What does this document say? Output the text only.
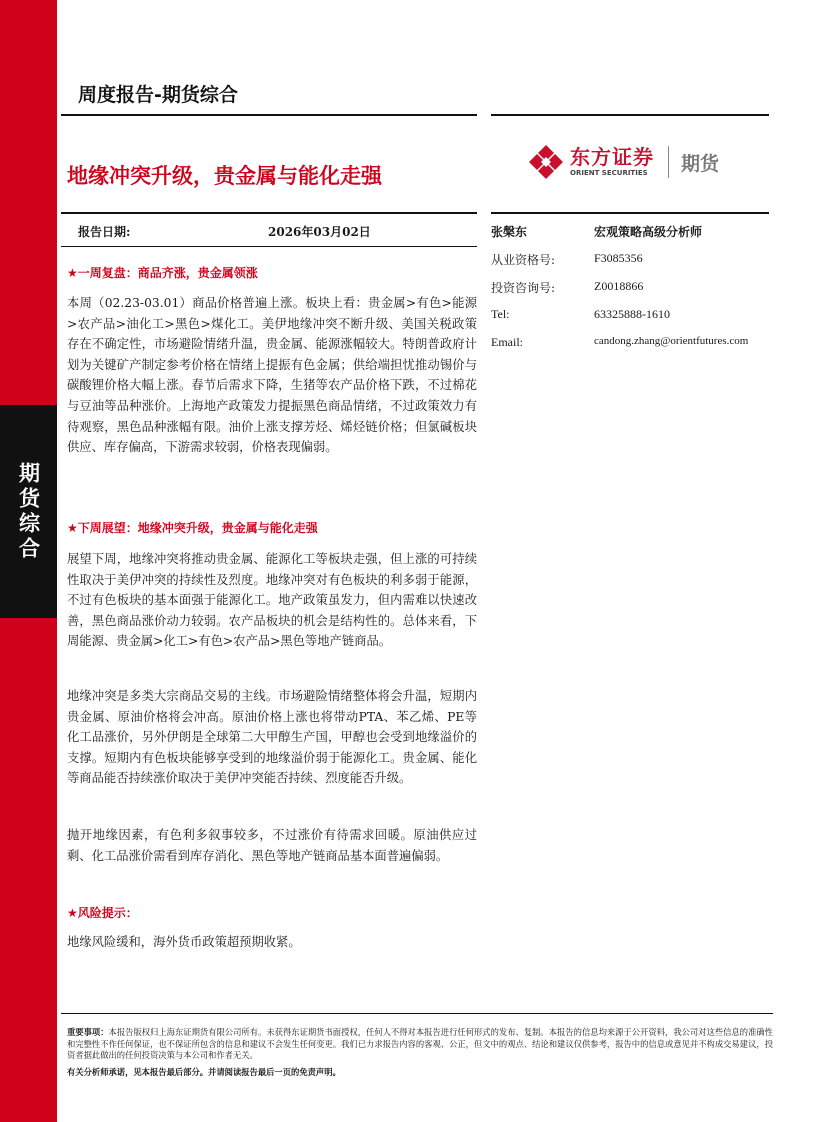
期货综合
周度报告-期货综合
地缘冲突升级，贵金属与能化走强
东方证券
ORIENT SECURITIES	期货
报告日期:	2026年03月02日
★一周复盘：商品齐涨，贵金属领涨

本周（02.23-03.01）商品价格普遍上涨。板块上看：贵金属>有色>能源>农产品>油化工>黑色>煤化工。美伊地缘冲突不断升级、美国关税政策存在不确定性，市场避险情绪升温，贵金属、能源涨幅较大。特朗普政府计划为关键矿产制定参考价格在情绪上提振有色金属；供给端担忧推动锡价与碳酸锂价格大幅上涨。春节后需求下降，生猪等农产品价格下跌，不过棉花与豆油等品种涨价。上海地产政策发力提振黑色商品情绪，不过政策效力有待观察，黑色品种涨幅有限。油价上涨支撑芳烃、烯烃链价格；但氯碱板块供应、库存偏高，下游需求较弱，价格表现偏弱。

★下周展望：地缘冲突升级，贵金属与能化走强

展望下周，地缘冲突将推动贵金属、能源化工等板块走强，但上涨的可持续性取决于美伊冲突的持续性及烈度。地缘冲突对有色板块的利多弱于能源，不过有色板块的基本面强于能源化工。地产政策虽发力，但内需难以快速改善，黑色商品涨价动力较弱。农产品板块的机会是结构性的。总体来看，下周能源、贵金属>化工>有色>农产品>黑色等地产链商品。

地缘冲突是多类大宗商品交易的主线。市场避险情绪整体将会升温，短期内贵金属、原油价格将会冲高。原油价格上涨也将带动PTA、苯乙烯、PE等化工品涨价，另外伊朗是全球第二大甲醇生产国，甲醇也会受到地缘溢价的支撑。短期内有色板块能够享受到的地缘溢价弱于能源化工。贵金属、能化等商品能否持续涨价取决于美伊冲突能否持续、烈度能否升级。

抛开地缘因素，有色利多叙事较多，不过涨价有待需求回暖。原油供应过剩、化工品涨价需看到库存消化、黑色等地产链商品基本面普遍偏弱。

★风险提示：

地缘风险缓和，海外货币政策超预期收紧。

张槃东	宏观策略高级分析师
从业资格号:	F3085356
投资咨询号:	Z0018866
Tel:	63325888-1610
Email:	candong.zhang@orientfutures.com

重要事项：本报告版权归上海东证期货有限公司所有。未获得东证期货书面授权，任何人不得对本报告进行任何形式的发布、复制。本报告的信息均来源于公开资料，我公司对这些信息的准确性和完整性不作任何保证，也不保证所包含的信息和建议不会发生任何变更。我们已力求报告内容的客观、公正，但文中的观点、结论和建议仅供参考，报告中的信息或意见并不构成交易建议，投资者据此做出的任何投资决策与本公司和作者无关。

有关分析师承诺，见本报告最后部分。并请阅读报告最后一页的免责声明。
